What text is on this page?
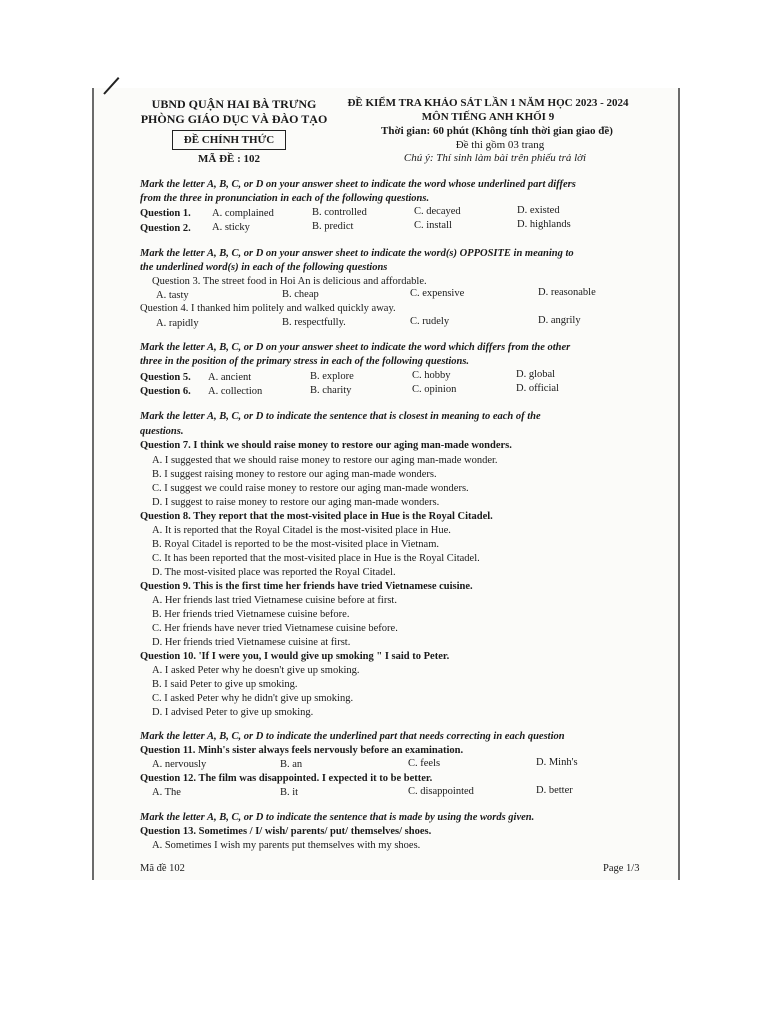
UBND QUẬN HAI BÀ TRƯNG
PHÒNG GIÁO DỤC VÀ ĐÀO TẠO
ĐỀ CHÍNH THỨC
MÃ ĐỀ : 102
ĐỀ KIỂM TRA KHẢO SÁT LẦN 1 NĂM HỌC 2023 - 2024
MÔN TIẾNG ANH KHỐI 9
Thời gian: 60 phút (Không tính thời gian giao đề)
Đề thi gồm 03 trang
Chú ý: Thí sinh làm bài trên phiếu trả lời
Mark the letter A, B, C, or D on your answer sheet to indicate the word whose underlined part differs
from the three in pronunciation in each of the following questions.
Question 1. A. complained	B. controlled	C. decayed	D. existed
Question 2. A. sticky	B. predict	C. install	D. highlands
Mark the letter A, B, C, or D on your answer sheet to indicate the word(s) OPPOSITE in meaning to
the underlined word(s) in each of the following questions
Question 3. The street food in Hoi An is delicious and affordable.
A. tasty	B. cheap	C. expensive	D. reasonable
Question 4. I thanked him politely and walked quickly away.
A. rapidly	B. respectfully.	C. rudely	D. angrily
Mark the letter A, B, C, or D on your answer sheet to indicate the word which differs from the other
three in the position of the primary stress in each of the following questions.
Question 5. A. ancient	B. explore	C. hobby	D. global
Question 6. A. collection	B. charity	C. opinion	D. official
Mark the letter A, B, C, or D to indicate the sentence that is closest in meaning to each of the
questions.
Question 7. I think we should raise money to restore our aging man-made wonders.
A. I suggested that we should raise money to restore our aging man-made wonder.
B. I suggest raising money to restore our aging man-made wonders.
C. I suggest we could raise money to restore our aging man-made wonders.
D. I suggest to raise money to restore our aging man-made wonders.
Question 8. They report that the most-visited place in Hue is the Royal Citadel.
A. It is reported that the Royal Citadel is the most-visited place in Hue.
B. Royal Citadel is reported to be the most-visited place in Vietnam.
C. It has been reported that the most-visited place in Hue is the Royal Citadel.
D. The most-visited place was reported the Royal Citadel.
Question 9. This is the first time her friends have tried Vietnamese cuisine.
A. Her friends last tried Vietnamese cuisine before at first.
B. Her friends tried Vietnamese cuisine before.
C. Her friends have never tried Vietnamese cuisine before.
D. Her friends tried Vietnamese cuisine at first.
Question 10. 'If I were you, I would give up smoking " I said to Peter.
A. I asked Peter why he doesn't give up smoking.
B. I said Peter to give up smoking.
C. I asked Peter why he didn't give up smoking.
D. I advised Peter to give up smoking.
Mark the letter A, B, C, or D to indicate the underlined part that needs correcting in each question
Question 11. Minh's sister always feels nervously before an examination.
A. nervously	B. an	C. feels	D. Minh's
Question 12. The film was disappointed. I expected it to be better.
A. The	B. it	C. disappointed	D. better
Mark the letter A, B, C, or D to indicate the sentence that is made by using the words given.
Question 13. Sometimes / I/ wish/ parents/ put/ themselves/ shoes.
A. Sometimes I wish my parents put themselves with my shoes.
Mã đề 102	Page 1/3
